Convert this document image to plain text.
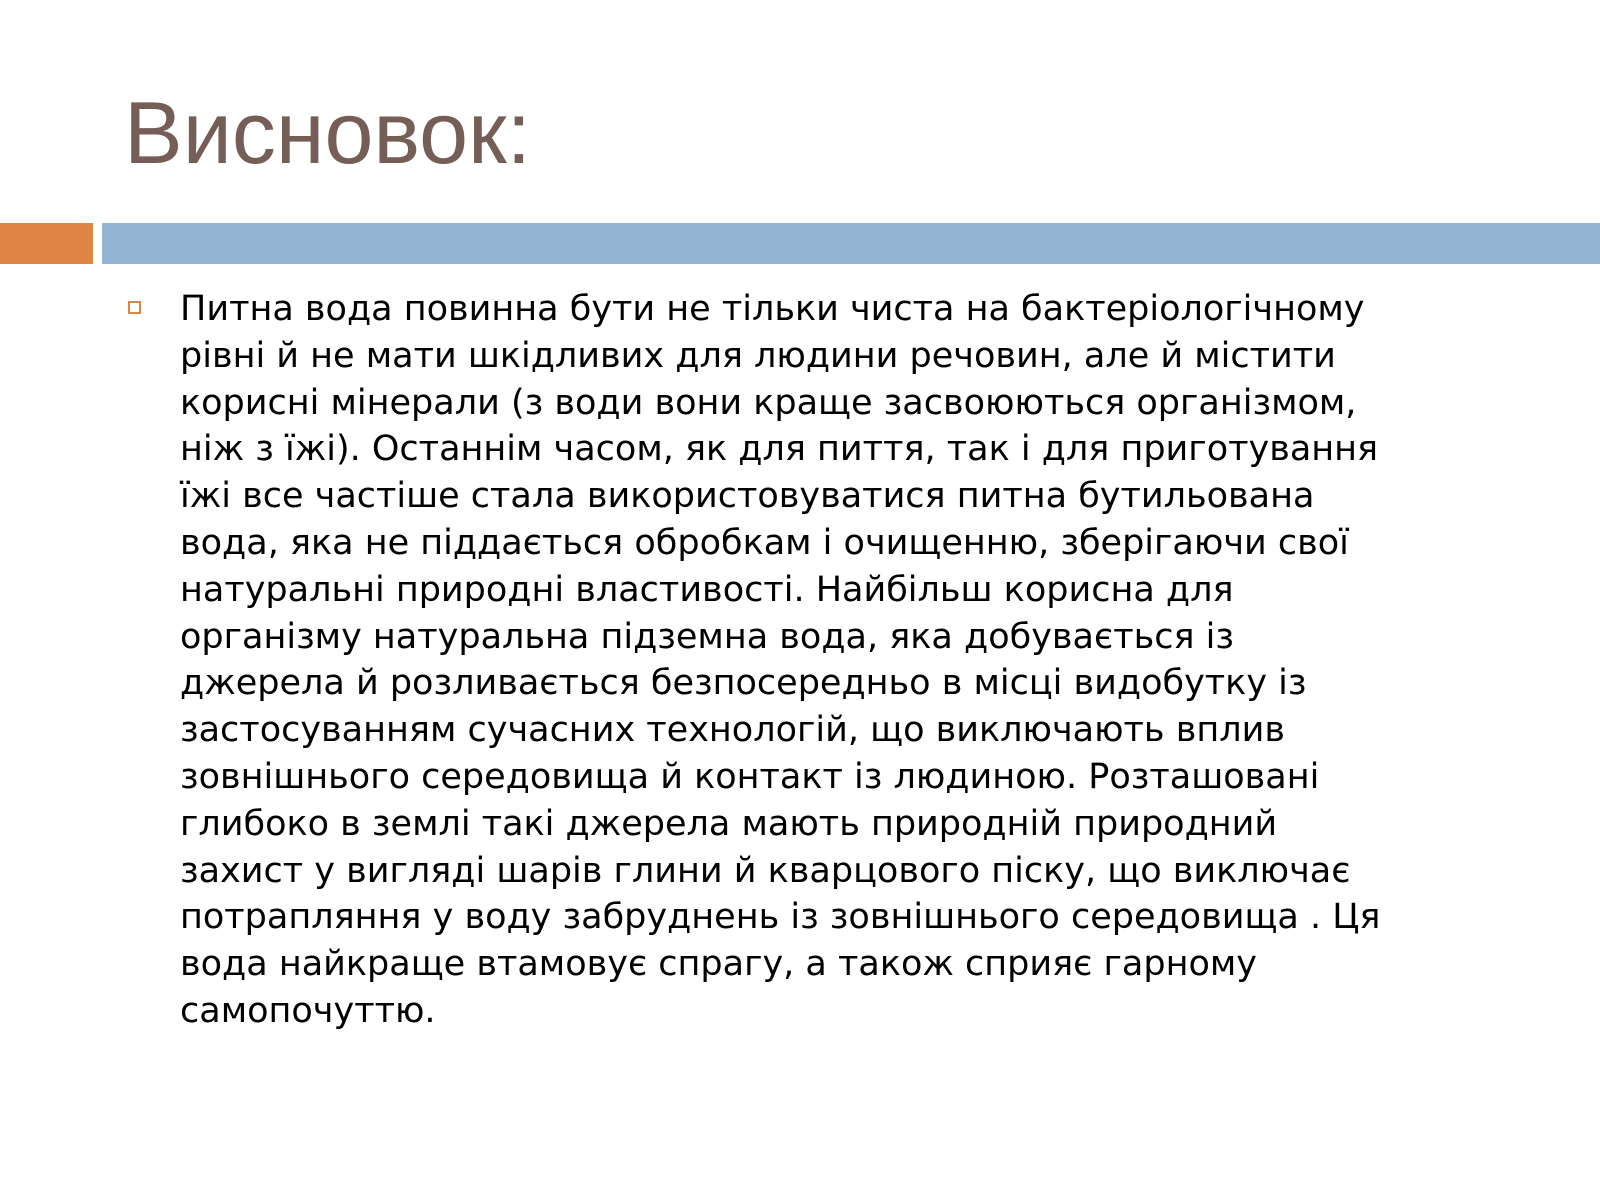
Висновок:

Питна вода повинна бути не тільки чиста на бактеріологічному
рівні й не мати шкідливих для людини речовин, але й містити
корисні мінерали (з води вони краще засвоюються організмом,
ніж з їжі). Останнім часом, як для пиття, так і для приготування
їжі все частіше стала використовуватися питна бутильована
вода, яка не піддається обробкам і очищенню, зберігаючи свої
натуральні природні властивості. Найбільш корисна для
організму натуральна підземна вода, яка добувається із
джерела й розливається безпосередньо в місці видобутку із
застосуванням сучасних технологій, що виключають вплив
зовнішнього середовища й контакт із людиною. Розташовані
глибоко в землі такі джерела мають природній природний
захист у вигляді шарів глини й кварцового піску, що виключає
потрапляння у воду забруднень із зовнішнього середовища . Ця
вода найкраще втамовує спрагу, а також сприяє гарному
самопочуттю.
